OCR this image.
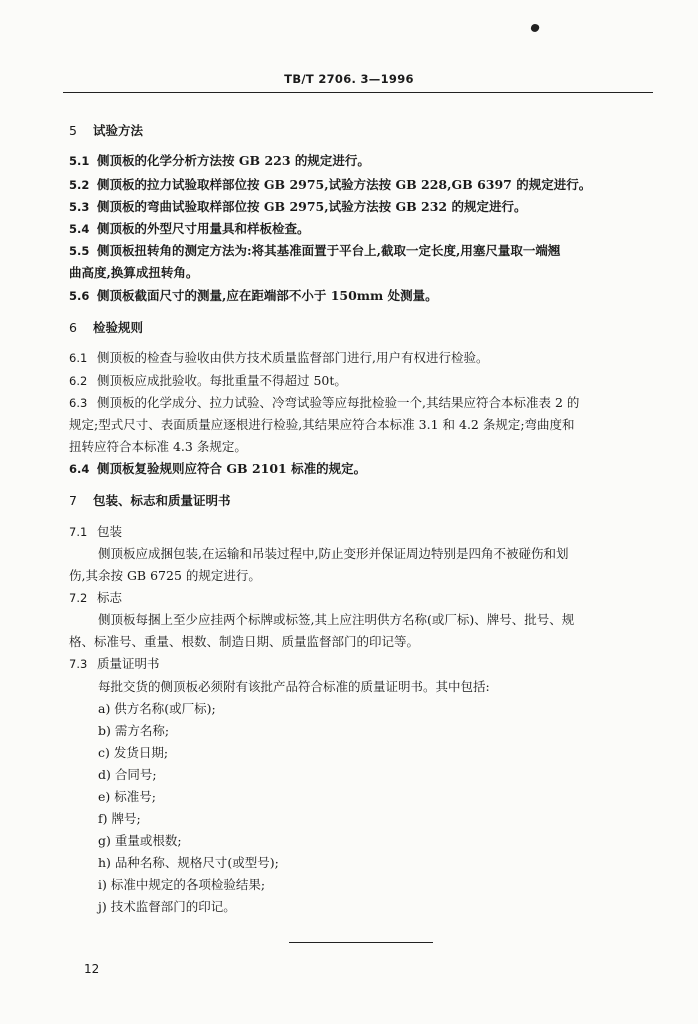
TB/T 2706. 3—1996
5 试验方法
5.1 侧顶板的化学分析方法按 GB 223 的规定进行。
5.2 侧顶板的拉力试验取样部位按 GB 2975,试验方法按 GB 228,GB 6397 的规定进行。
5.3 侧顶板的弯曲试验取样部位按 GB 2975,试验方法按 GB 232 的规定进行。
5.4 侧顶板的外型尺寸用量具和样板检查。
5.5 侧顶板扭转角的测定方法为:将其基准面置于平台上,截取一定长度,用塞尺量取一端翘
曲高度,换算成扭转角。
5.6 侧顶板截面尺寸的测量,应在距端部不小于 150mm 处测量。
6 检验规则
6.1 侧顶板的检查与验收由供方技术质量监督部门进行,用户有权进行检验。
6.2 侧顶板应成批验收。每批重量不得超过 50t。
6.3 侧顶板的化学成分、拉力试验、冷弯试验等应每批检验一个,其结果应符合本标准表 2 的
规定;型式尺寸、表面质量应逐根进行检验,其结果应符合本标准 3.1 和 4.2 条规定;弯曲度和
扭转应符合本标准 4.3 条规定。
6.4 侧顶板复验规则应符合 GB 2101 标准的规定。
7 包装、标志和质量证明书
7.1 包装
侧顶板应成捆包装,在运输和吊装过程中,防止变形并保证周边特别是四角不被碰伤和划
伤,其余按 GB 6725 的规定进行。
7.2 标志
侧顶板每捆上至少应挂两个标牌或标签,其上应注明供方名称(或厂标)、牌号、批号、规
格、标准号、重量、根数、制造日期、质量监督部门的印记等。
7.3 质量证明书
每批交货的侧顶板必须附有该批产品符合标准的质量证明书。其中包括:
a) 供方名称(或厂标);
b) 需方名称;
c) 发货日期;
d) 合同号;
e) 标准号;
f) 牌号;
g) 重量或根数;
h) 品种名称、规格尺寸(或型号);
i) 标准中规定的各项检验结果;
j) 技术监督部门的印记。
12
